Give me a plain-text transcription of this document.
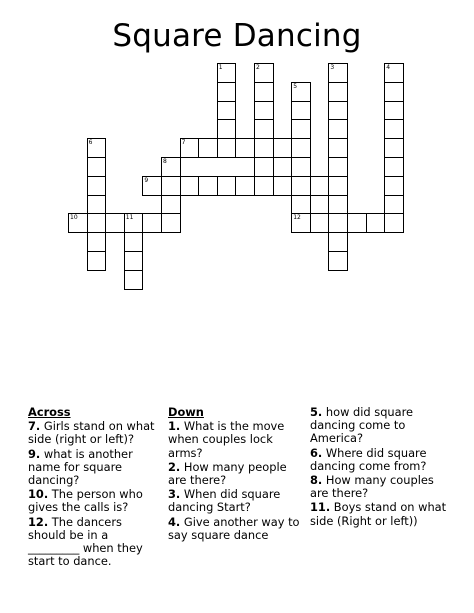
Square Dancing
1	2	3	4
5
6	7
8
9
10	11	12
Across
7. Girls stand on what side (right or left)?
9. what is another name for square dancing?
10. The person who gives the calls is?
12. The dancers should be in a _________ when they start to dance.
Down
1. What is the move when couples lock arms?
2. How many people are there?
3. When did square dancing Start?
4. Give another way to say square dance
5. how did square dancing come to America?
6. Where did square dancing come from?
8. How many couples are there?
11. Boys stand on what side (Right or left))
